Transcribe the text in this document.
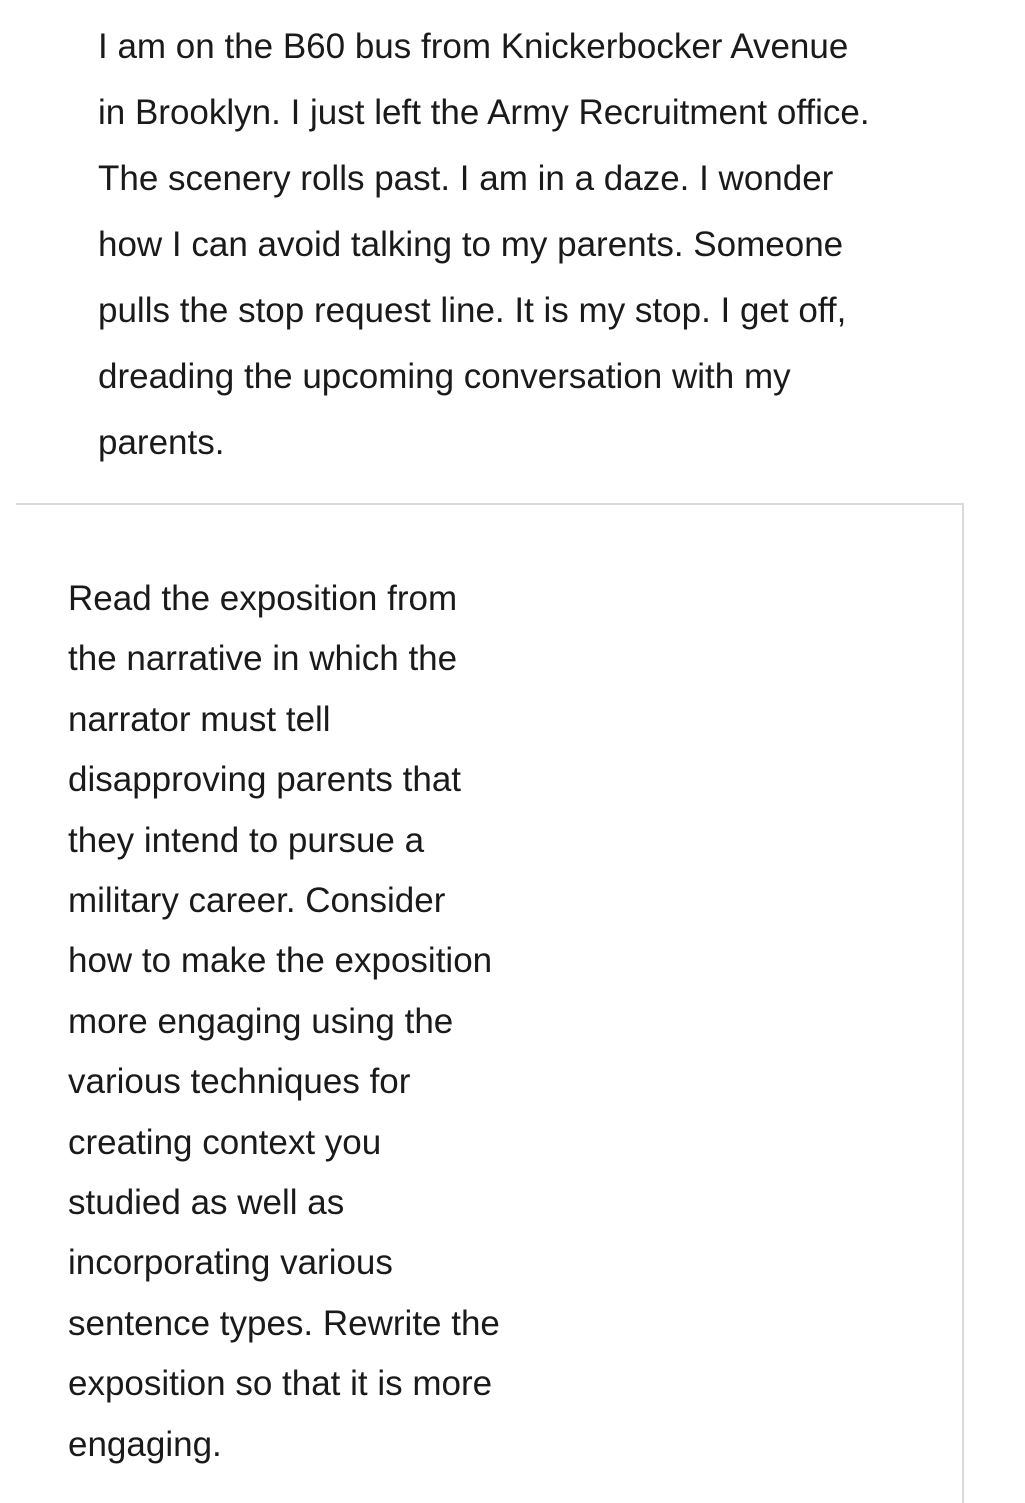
I am on the B60 bus from Knickerbocker Avenue
in Brooklyn. I just left the Army Recruitment office.
The scenery rolls past. I am in a daze. I wonder
how I can avoid talking to my parents. Someone
pulls the stop request line. It is my stop. I get off,
dreading the upcoming conversation with my
parents.
Read the exposition from
the narrative in which the
narrator must tell
disapproving parents that
they intend to pursue a
military career. Consider
how to make the exposition
more engaging using the
various techniques for
creating context you
studied as well as
incorporating various
sentence types. Rewrite the
exposition so that it is more
engaging.
